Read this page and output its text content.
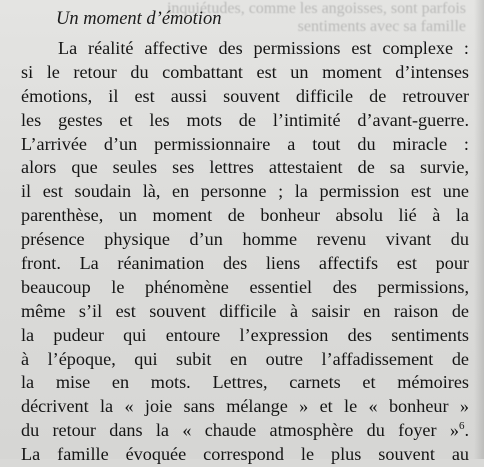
inquiétudes, comme les angoisses, sont parfois
sentiments avec sa famille
Un moment d’émotion
La réalité affective des permissions est complexe :
si le retour du combattant est un moment d’intenses
émotions, il est aussi souvent difficile de retrouver
les gestes et les mots de l’intimité d’avant-guerre.
L’arrivée d’un permissionnaire a tout du miracle :
alors que seules ses lettres attestaient de sa survie,
il est soudain là, en personne ; la permission est une
parenthèse, un moment de bonheur absolu lié à la
présence physique d’un homme revenu vivant du
front. La réanimation des liens affectifs est pour
beaucoup le phénomène essentiel des permissions,
même s’il est souvent difficile à saisir en raison de
la pudeur qui entoure l’expression des sentiments
à l’époque, qui subit en outre l’affadissement de
la mise en mots. Lettres, carnets et mémoires
décrivent la « joie sans mélange » et le « bonheur »
du retour dans la « chaude atmosphère du foyer »$^6$.
La famille évoquée correspond le plus souvent au
